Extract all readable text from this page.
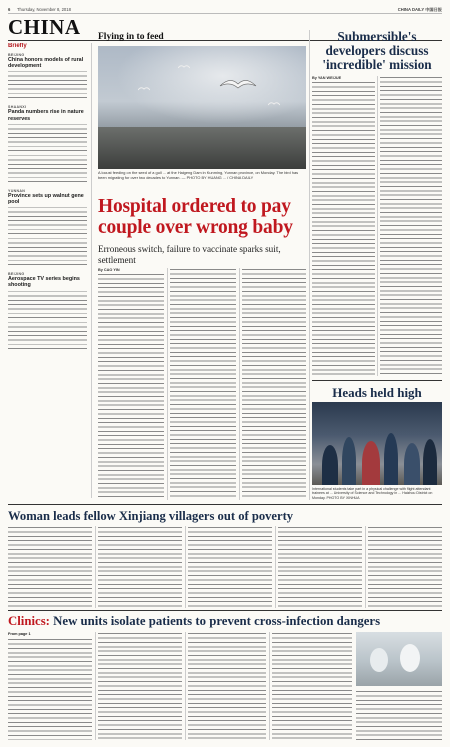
6 Thursday, November 8, 2018	CHINA DAILY 中国日报
CHINA
Briefly
BEIJING
China honors models of rural development
SHAANXI
Panda numbers rise in nature reserves
YUNNAN
Province sets up walnut gene pool
BEIJING
Aerospace TV series begins shooting
Flying in to feed
A locust feeding on the seed of a gull ... at the Haigeng Dam in Kunming, Yunnan province, on Monday. The bird has been migrating for over two decades to Yunnan. — PHOTO BY HUANG ... / CHINA DAILY
Hospital ordered to pay couple over wrong baby
Erroneous switch, failure to vaccinate sparks suit, settlement
By CAO YIN

Submersible's developers discuss 'incredible' mission
By YAN WEIJUE

Heads held high
International students take part in a physical challenge with flight attendant trainees at ... University of Science and Technology in ... Haizhou District on Monday. PHOTO BY XINHUA
Woman leads fellow Xinjiang villagers out of poverty

Clinics: New units isolate patients to prevent cross-infection dangers
From page 1
